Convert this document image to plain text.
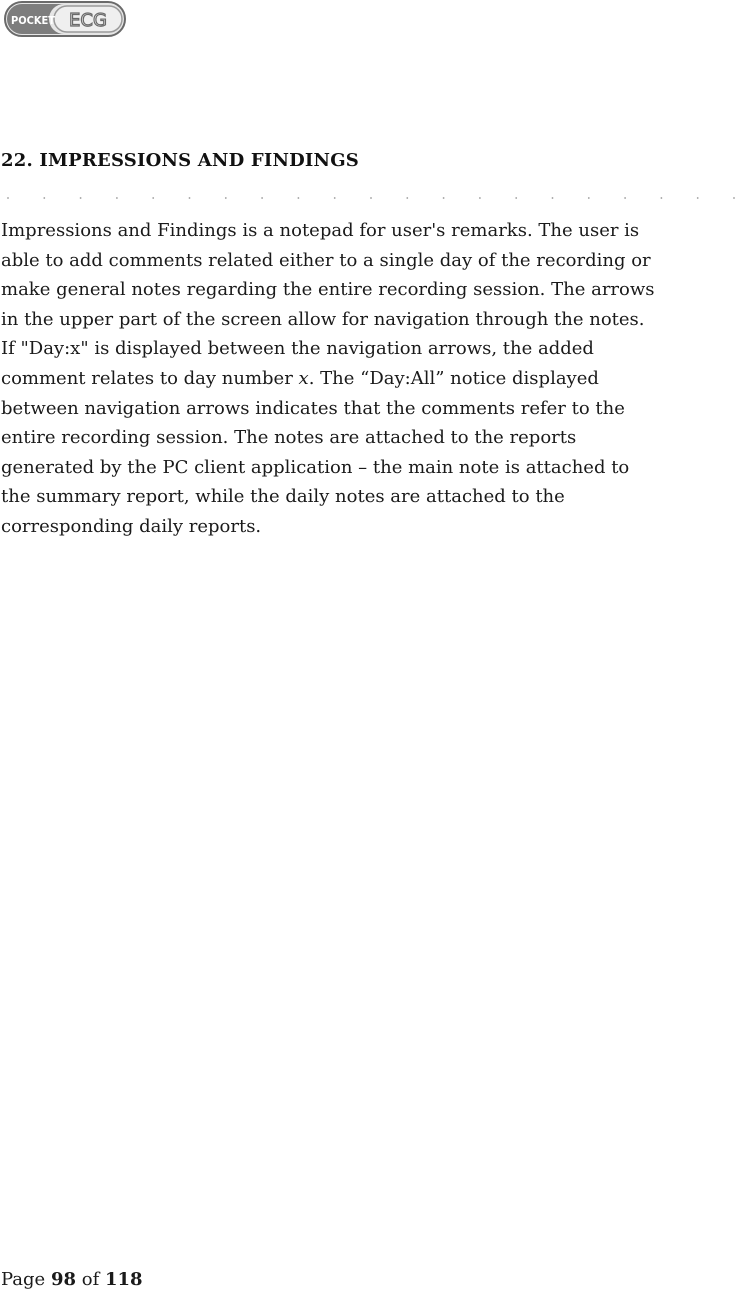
POCKET ECG
22. IMPRESSIONS AND FINDINGS
Impressions and Findings is a notepad for user's remarks. The user is
able to add comments related either to a single day of the recording or
make general notes regarding the entire recording session. The arrows
in the upper part of the screen allow for navigation through the notes.
If "Day:x" is displayed between the navigation arrows, the added
comment relates to day number x. The “Day:All” notice displayed
between navigation arrows indicates that the comments refer to the
entire recording session. The notes are attached to the reports
generated by the PC client application – the main note is attached to
the summary report, while the daily notes are attached to the
corresponding daily reports.
Page 98 of 118
